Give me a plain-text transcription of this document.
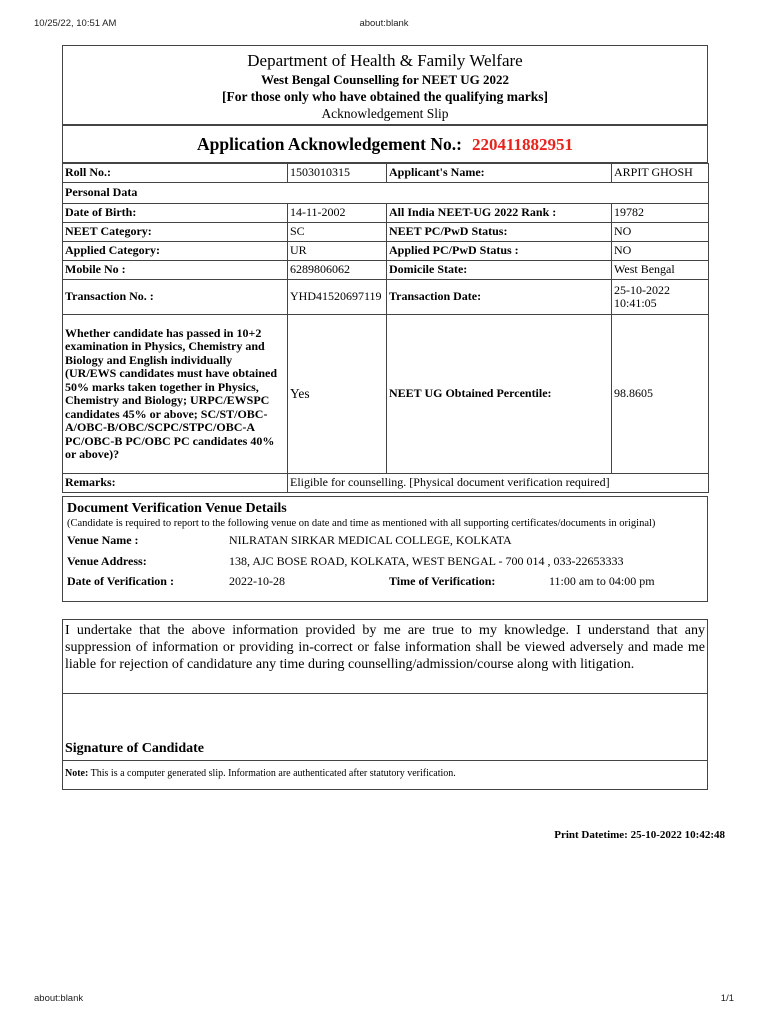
10/25/22, 10:51 AM	about:blank
Department of Health & Family Welfare
West Bengal Counselling for NEET UG 2022
[For those only who have obtained the qualifying marks]
Acknowledgement Slip
Application Acknowledgement No.: 220411882951
Roll No.:	1503010315	Applicant's Name:	ARPIT GHOSH
Personal Data			
Date of Birth:	14-11-2002	All India NEET-UG 2022 Rank :	19782
NEET Category:	SC	NEET PC/PwD Status:	NO
Applied Category:	UR	Applied PC/PwD Status :	NO
Mobile No :	6289806062	Domicile State:	West Bengal
Transaction No. :	YHD41520697119	Transaction Date:	25-10-2022
10:41:05

Whether candidate has passed in 10+2 examination in Physics, Chemistry and Biology and English individually (UR/EWS candidates must have obtained 50% marks taken together in Physics, Chemistry and Biology; URPC/EWSPC candidates 45% or above; SC/ST/OBC-A/OBC-B/OBC/SCPC/STPC/OBC-A PC/OBC-B PC/OBC PC candidates 40% or above)?	Yes	NEET UG Obtained Percentile:	98.8605
Remarks:	Eligible for counselling. [Physical document verification required]		
Document Verification Venue Details
(Candidate is required to report to the following venue on date and time as mentioned with all supporting certificates/documents in original)
Venue Name :	NILRATAN SIRKAR MEDICAL COLLEGE, KOLKATA
Venue Address:	138, AJC BOSE ROAD, KOLKATA, WEST BENGAL - 700 014 , 033-22653333
Date of Verification :	2022-10-28	Time of Verification:	11:00 am to 04:00 pm
I undertake that the above information provided by me are true to my knowledge. I understand that any suppression of information or providing in-correct or false information shall be viewed adversely and made me liable for rejection of candidature any time during counselling/admission/course along with litigation.
Signature of Candidate
Note: This is a computer generated slip. Information are authenticated after statutory verification.
Print Datetime: 25-10-2022 10:42:48
about:blank	1/1
